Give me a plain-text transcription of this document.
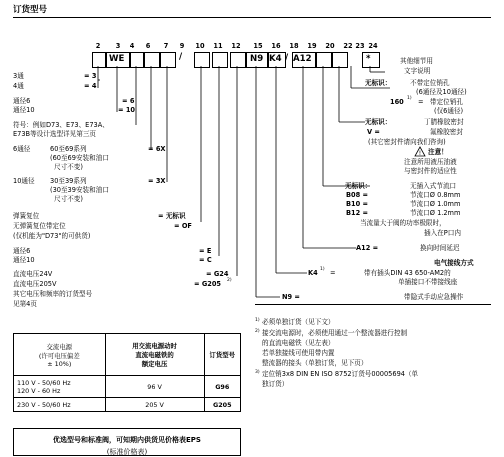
订货型号
2	3	4	6	7	9	10 11 12 15 16 18 19 20 22 23 24
WE	/	N9 K4 / A12	*
!
3通	= 3
4通	= 4
通径6	= 6
通径10	= 10
符号：例如D73、E73、E73A、
E73B等设计选型详见第三页
6通径	60至69系列	= 6X
(60至69安装和油口
尺寸不变)
10通径 30至39系列	= 3X
(30至39安装和油口
尺寸不变)
弹簧复位	= 无标识
无弹簧复位带定位	= OF
(仅机能为"D73"的可供货)
通径6	= E
通径10	= C
直流电压24V	= G24
直流电压205V	= G205 2)
其它电压和频率的订货型号
见第4页
其他细节用
文字说明
无标识：	不带定位销孔
(6通径及10通径)
160 1) = 带定位销孔
(仅6通径)
无标识：	丁腈橡胶密封
V =	氟橡胶密封
(其它密封件请向我们咨询)
注意！
注意所用液压油液
与密封件的适应性
无标识：	无插入式节流口
B08 =	节流口Ø 0.8mm
B10 =	节流口Ø 1.0mm
B12 =	节流口Ø 1.2mm
当流量大于阀的功率极限时，
插入在P口内
A12 =	换向时间延迟
电气接线方式
K4 1) =	带有插头DIN 43 650-AM2的
单插接口不带接线座
N9 =	带隐式手动应急操作
1) 必须单独订货（见下文）
2) 接交流电源时，必须使用通过一个整流器进行控制
的直流电磁铁（见左表）
若单独接线可使用带内置
整流器的接头（单独订货，见下页）
3) 定位销3x8 DIN EN ISO 8752订货号00005694（单
独订货）
交流电源
(许可电压偏差
± 10%)	用交流电源动时
直流电磁铁的
额定电压	订货型号

110 V - 50/60 Hz
120 V - 60 Hz	96 V	G96
230 V - 50/60 Hz	205 V	G205
优选型号和标准阀，可知期内供货见价格表EPS
(标准价格表)
